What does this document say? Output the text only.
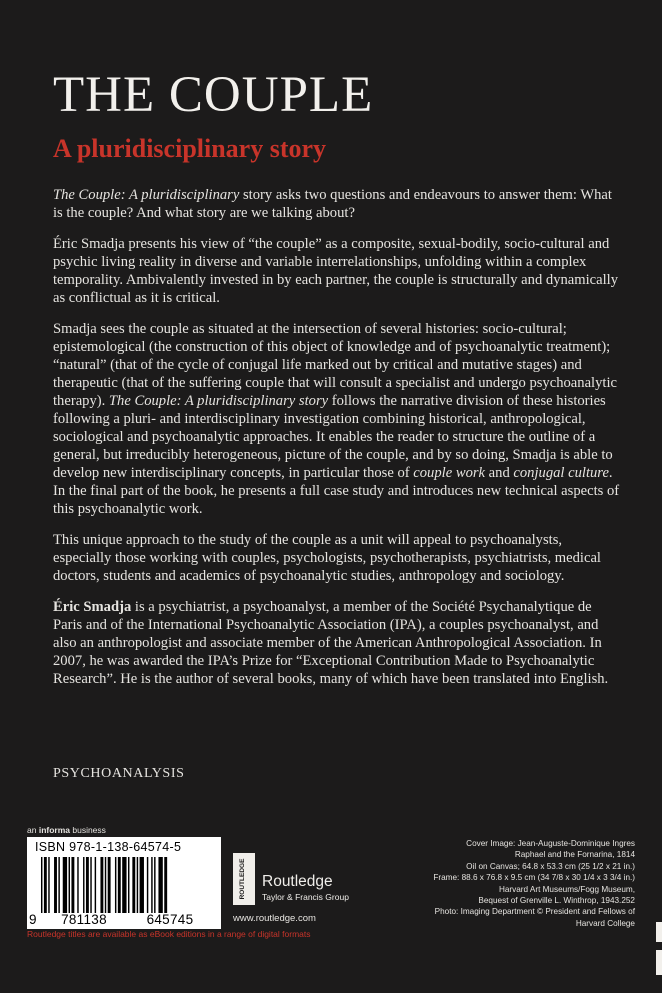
THE COUPLE
A pluridisciplinary story

The Couple: A pluridisciplinary story asks two questions and endeavours to answer them: What is the couple? And what story are we talking about?

Éric Smadja presents his view of “the couple” as a composite, sexual-bodily, socio-cultural and psychic living reality in diverse and variable interrelationships, unfolding within a complex temporality. Ambivalently invested in by each partner, the couple is structurally and dynamically as conflictual as it is critical.

Smadja sees the couple as situated at the intersection of several histories: socio-cultural; epistemological (the construction of this object of knowledge and of psychoanalytic treatment); “natural” (that of the cycle of conjugal life marked out by critical and mutative stages) and therapeutic (that of the suffering couple that will consult a specialist and undergo psychoanalytic therapy). The Couple: A pluridisciplinary story follows the narrative division of these histories following a pluri- and interdisciplinary investigation combining historical, anthropological, sociological and psychoanalytic approaches. It enables the reader to structure the outline of a general, but irreducibly heterogeneous, picture of the couple, and by so doing, Smadja is able to develop new interdisciplinary concepts, in particular those of couple work and conjugal culture. In the final part of the book, he presents a full case study and introduces new technical aspects of this psychoanalytic work.

This unique approach to the study of the couple as a unit will appeal to psychoanalysts, especially those working with couples, psychologists, psychotherapists, psychiatrists, medical doctors, students and academics of psychoanalytic studies, anthropology and sociology.

Éric Smadja is a psychiatrist, a psychoanalyst, a member of the Société Psychanalytique de Paris and of the International Psychoanalytic Association (IPA), a couples psychoanalyst, and also an anthropologist and associate member of the American Anthropological Association. In 2007, he was awarded the IPA’s Prize for “Exceptional Contribution Made to Psychoanalytic Research”. He is the author of several books, many of which have been translated into English.

PSYCHOANALYSIS
an informa business
ISBN 978-1-138-64574-5
9 781138	645745
ROUTLEDGE Routledge
Taylor & Francis Group
www.routledge.com
Routledge titles are available as eBook editions in a range of digital formats
Cover Image: Jean-Auguste-Dominique Ingres
Raphael and the Fornarina, 1814
Oil on Canvas; 64.8 x 53.3 cm (25 1/2 x 21 in.)
Frame: 88.6 x 76.8 x 9.5 cm (34 7/8 x 30 1/4 x 3 3/4 in.)
Harvard Art Museums/Fogg Museum,
Bequest of Grenville L. Winthrop, 1943.252
Photo: Imaging Department © President and Fellows of
Harvard College
